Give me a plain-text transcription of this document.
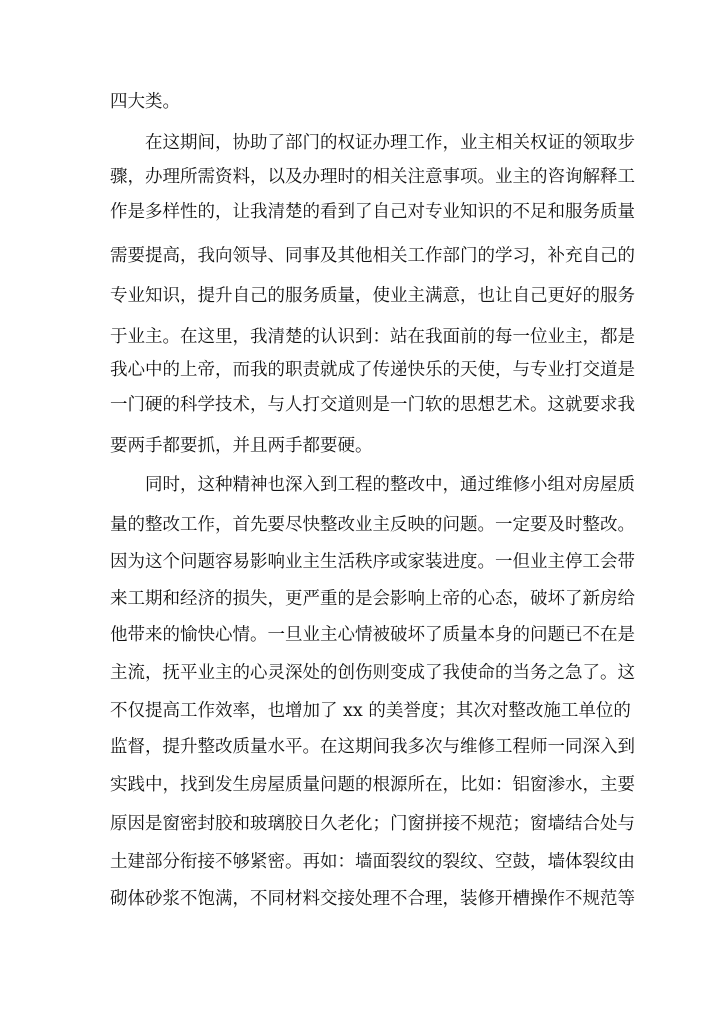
四大类。

在这期间，协助了部门的权证办理工作，业主相关权证的领取步

骤，办理所需资料，以及办理时的相关注意事项。业主的咨询解释工

作是多样性的，让我清楚的看到了自己对专业知识的不足和服务质量

需要提高，我向领导、同事及其他相关工作部门的学习，补充自己的

专业知识，提升自己的服务质量，使业主满意，也让自己更好的服务

于业主。在这里，我清楚的认识到：站在我面前的每一位业主，都是

我心中的上帝，而我的职责就成了传递快乐的天使，与专业打交道是

一门硬的科学技术，与人打交道则是一门软的思想艺术。这就要求我

要两手都要抓，并且两手都要硬。

同时，这种精神也深入到工程的整改中，通过维修小组对房屋质

量的整改工作，首先要尽快整改业主反映的问题。一定要及时整改。

因为这个问题容易影响业主生活秩序或家装进度。一但业主停工会带

来工期和经济的损失，更严重的是会影响上帝的心态，破坏了新房给

他带来的愉快心情。一旦业主心情被破坏了质量本身的问题已不在是

主流，抚平业主的心灵深处的创伤则变成了我使命的当务之急了。这

不仅提高工作效率，也增加了 xx 的美誉度；其次对整改施工单位的

监督，提升整改质量水平。在这期间我多次与维修工程师一同深入到

实践中，找到发生房屋质量问题的根源所在，比如：铝窗渗水，主要

原因是窗密封胶和玻璃胶日久老化；门窗拼接不规范；窗墙结合处与

土建部分衔接不够紧密。再如：墙面裂纹的裂纹、空鼓，墙体裂纹由

砌体砂浆不饱满，不同材料交接处理不合理，装修开槽操作不规范等
